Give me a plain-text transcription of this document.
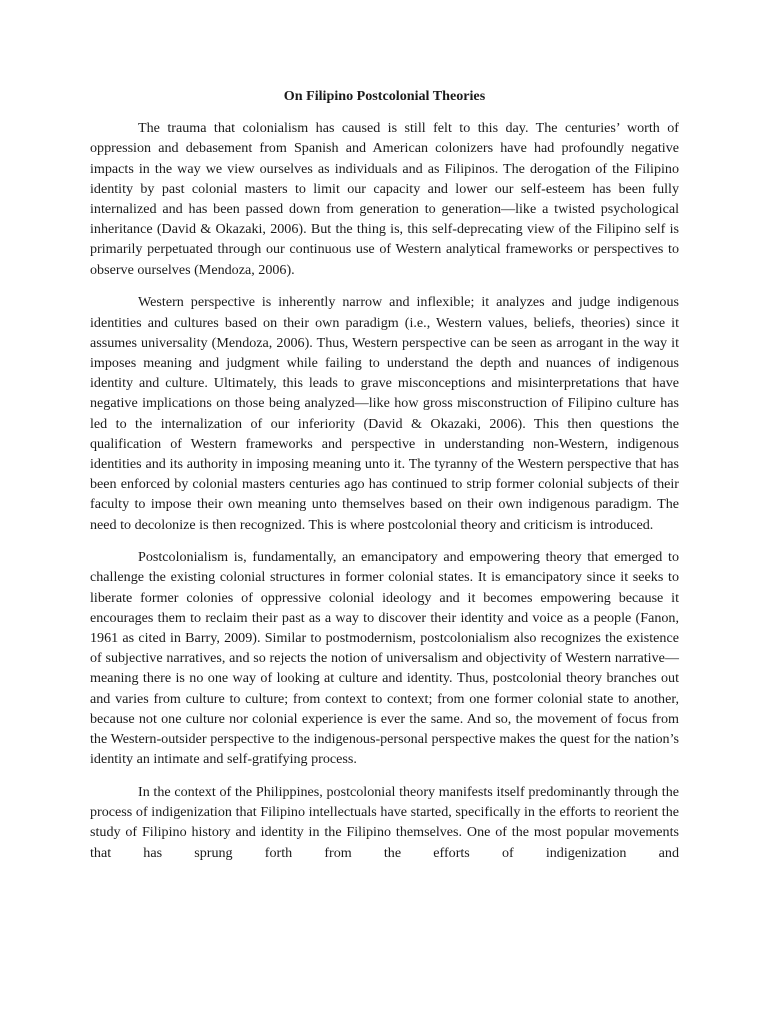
On Filipino Postcolonial Theories

The trauma that colonialism has caused is still felt to this day. The centuries’ worth of oppression and debasement from Spanish and American colonizers have had profoundly negative impacts in the way we view ourselves as individuals and as Filipinos. The derogation of the Filipino identity by past colonial masters to limit our capacity and lower our self-esteem has been fully internalized and has been passed down from generation to generation—like a twisted psychological inheritance (David & Okazaki, 2006). But the thing is, this self-deprecating view of the Filipino self is primarily perpetuated through our continuous use of Western analytical frameworks or perspectives to observe ourselves (Mendoza, 2006).

Western perspective is inherently narrow and inflexible; it analyzes and judge indigenous identities and cultures based on their own paradigm (i.e., Western values, beliefs, theories) since it assumes universality (Mendoza, 2006). Thus, Western perspective can be seen as arrogant in the way it imposes meaning and judgment while failing to understand the depth and nuances of indigenous identity and culture. Ultimately, this leads to grave misconceptions and misinterpretations that have negative implications on those being analyzed—like how gross misconstruction of Filipino culture has led to the internalization of our inferiority (David & Okazaki, 2006). This then questions the qualification of Western frameworks and perspective in understanding non-Western, indigenous identities and its authority in imposing meaning unto it. The tyranny of the Western perspective that has been enforced by colonial masters centuries ago has continued to strip former colonial subjects of their faculty to impose their own meaning unto themselves based on their own indigenous paradigm. The need to decolonize is then recognized. This is where postcolonial theory and criticism is introduced.

Postcolonialism is, fundamentally, an emancipatory and empowering theory that emerged to challenge the existing colonial structures in former colonial states. It is emancipatory since it seeks to liberate former colonies of oppressive colonial ideology and it becomes empowering because it encourages them to reclaim their past as a way to discover their identity and voice as a people (Fanon, 1961 as cited in Barry, 2009). Similar to postmodernism, postcolonialism also recognizes the existence of subjective narratives, and so rejects the notion of universalism and objectivity of Western narrative—meaning there is no one way of looking at culture and identity. Thus, postcolonial theory branches out and varies from culture to culture; from context to context; from one former colonial state to another, because not one culture nor colonial experience is ever the same. And so, the movement of focus from the Western-outsider perspective to the indigenous-personal perspective makes the quest for the nation’s identity an intimate and self-gratifying process.

In the context of the Philippines, postcolonial theory manifests itself predominantly through the process of indigenization that Filipino intellectuals have started, specifically in the efforts to reorient the study of Filipino history and identity in the Filipino themselves. One of the most popular movements that has sprung forth from the efforts of indigenization and
